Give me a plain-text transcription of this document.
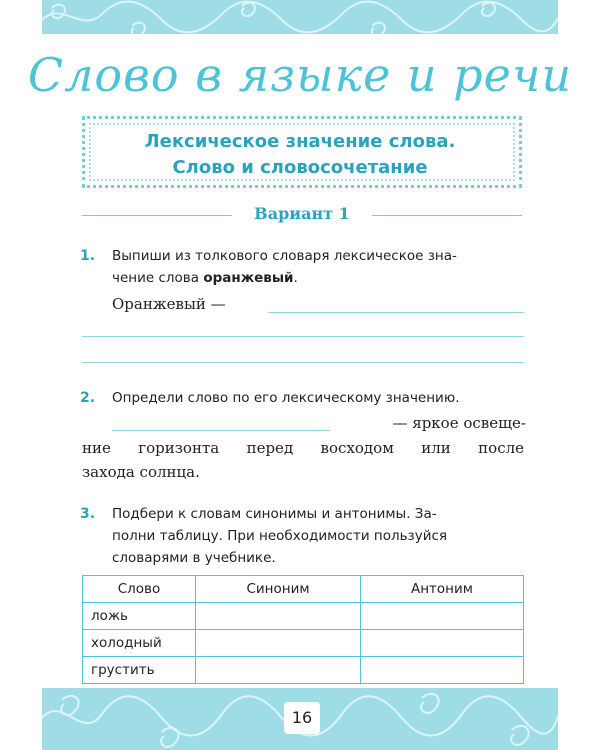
Слово в языке и речи
Лексическое значение слова.
Слово и словосочетание
Вариант 1
1. Выпиши из толкового словаря лексическое зна-
чение слова оранжевый.
Оранжевый —
2. Определи слово по его лексическому значению.
— яркое освеще-
ние горизонта перед восходом или после
захода солнца.
3. Подбери к словам синонимы и антонимы. За-
полни таблицу. При необходимости пользуйся
словарями в учебнике.
Слово	Синоним	Антоним
ложь		
холодный		
грустить		
16
